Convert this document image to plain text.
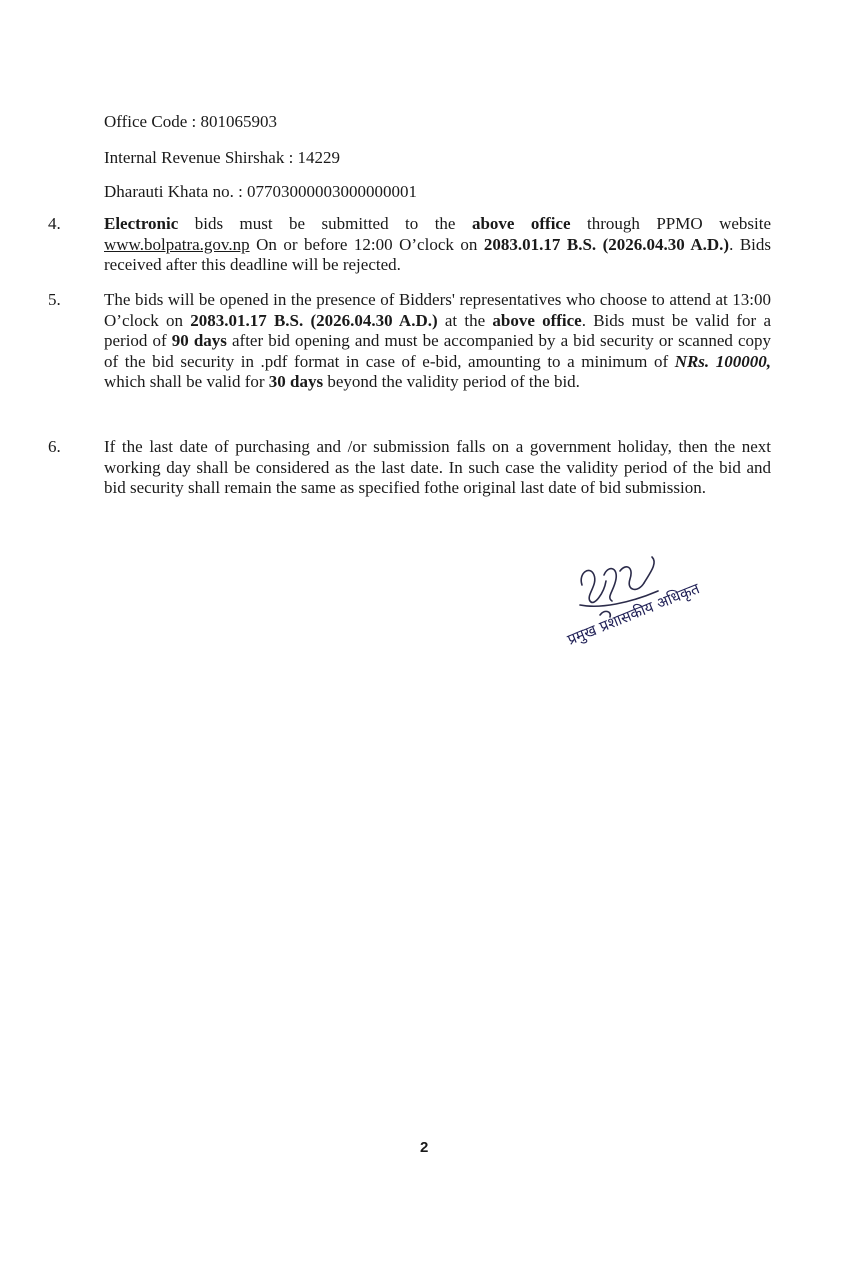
Office Code : 801065903
Internal Revenue Shirshak : 14229
Dharauti Khata no. : 07703000003000000001
4.	Electronic bids must be submitted to the above office through PPMO website www.bolpatra.gov.np On or before 12:00 O’clock on 2083.01.17 B.S. (2026.04.30 A.D.). Bids received after this deadline will be rejected.
5.	The bids will be opened in the presence of Bidders' representatives who choose to attend at 13:00 O’clock on 2083.01.17 B.S. (2026.04.30 A.D.) at the above office. Bids must be valid for a period of 90 days after bid opening and must be accompanied by a bid security or scanned copy of the bid security in .pdf format in case of e-bid, amounting to a minimum of NRs. 100000, which shall be valid for 30 days beyond the validity period of the bid.
6.	If the last date of purchasing and /or submission falls on a government holiday, then the next working day shall be considered as the last date. In such case the validity period of the bid and bid security shall remain the same as specified fothe original last date of bid submission.
प्रमुख प्रशासकीय अधिकृत
2
